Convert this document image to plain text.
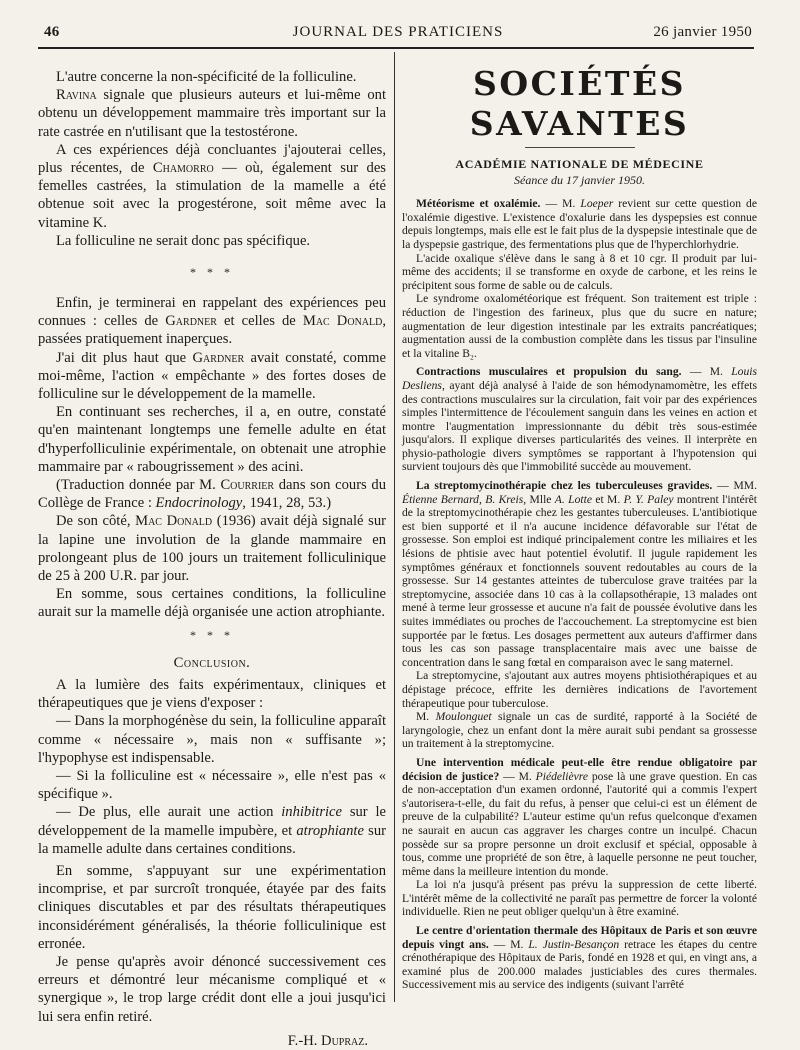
46	JOURNAL DES PRATICIENS	26 janvier 1950

L'autre concerne la non-spécificité de la folliculine.

Ravina signale que plusieurs auteurs et lui-même ont obtenu un développement mammaire très important sur la rate castrée en n'utilisant que la testostérone.

A ces expériences déjà concluantes j'ajouterai celles, plus récentes, de Chamorro — où, également sur des femelles castrées, la stimulation de la mamelle a été obtenue soit avec la progestérone, soit même avec la vitamine K.

La folliculine ne serait donc pas spécifique.

* * *

Enfin, je terminerai en rappelant des expériences peu connues : celles de Gardner et celles de Mac Donald, passées pratiquement inaperçues.

J'ai dit plus haut que Gardner avait constaté, comme moi-même, l'action « empêchante » des fortes doses de folliculine sur le développement de la mamelle.

En continuant ses recherches, il a, en outre, constaté qu'en maintenant longtemps une femelle adulte en état d'hyperfolliculinie expérimentale, on obtenait une atrophie mammaire par « rabougrissement » des acini.

(Traduction donnée par M. Courrier dans son cours du Collège de France : Endocrinology, 1941, 28, 53.)

De son côté, Mac Donald (1936) avait déjà signalé sur la lapine une involution de la glande mammaire en prolongeant plus de 100 jours un traitement folliculinique de 25 à 200 U.R. par jour.

En somme, sous certaines conditions, la folliculine aurait sur la mamelle déjà organisée une action atrophiante.

* * *
Conclusion.

A la lumière des faits expérimentaux, cliniques et thérapeutiques que je viens d'exposer :

— Dans la morphogénèse du sein, la folliculine apparaît comme « nécessaire », mais non « suffisante »; l'hypophyse est indispensable.

— Si la folliculine est « nécessaire », elle n'est pas « spécifique ».

— De plus, elle aurait une action inhibitrice sur le développement de la mamelle impubère, et atrophiante sur la mamelle adulte dans certaines conditions.

En somme, s'appuyant sur une expérimentation incomprise, et par surcroît tronquée, étayée par des faits cliniques discutables et par des résultats thérapeutiques inconsidérément généralisés, la théorie folliculinique est erronée.

Je pense qu'après avoir dénoncé successivement ces erreurs et démontré leur mécanisme compliqué et « synergique », le trop large crédit dont elle a joui jusqu'ici lui sera enfin retiré.

F.-H. Dupraz.
SOCIÉTÉS SAVANTES
ACADÉMIE NATIONALE DE MÉDECINE
Séance du 17 janvier 1950.

Météorisme et oxalémie. — M. Loeper revient sur cette question de l'oxalémie digestive. L'existence d'oxalurie dans les dyspepsies est connue depuis longtemps, mais elle est le fait plus de la dyspepsie intestinale que de la dyspepsie gastrique, des fermentations plus que de l'hyperchlorhydrie.

L'acide oxalique s'élève dans le sang à 8 et 10 cgr. Il produit par lui-même des accidents; il se transforme en oxyde de carbone, et les reins le précipitent sous forme de sable ou de calculs.

Le syndrome oxalométéorique est fréquent. Son traitement est triple : réduction de l'ingestion des farineux, plus que du sucre en nature; augmentation de leur digestion intestinale par les extraits pancréatiques; augmentation aussi de la combustion complète dans les tissus par l'insuline et la vitaline B₂.

Contractions musculaires et propulsion du sang. — M. Louis Desliens, ayant déjà analysé à l'aide de son hémodynamomètre, les effets des contractions musculaires sur la circulation, fait voir par des expériences simples l'intermittence de l'écoulement sanguin dans les veines en action et montre l'augmentation impressionnante du débit très sous-estimée jusqu'alors. Il explique diverses particularités des veines. Il interprète en physio-pathologie divers symptômes se rapportant à l'hypotension qui survient toujours dès que l'immobilité succède au mouvement.

La streptomycinothérapie chez les tuberculeuses gravides. — MM. Étienne Bernard, B. Kreis, Mlle A. Lotte et M. P. Y. Paley montrent l'intérêt de la streptomycinothérapie chez les gestantes tuberculeuses. L'antibiotique est bien supporté et il n'a aucune incidence défavorable sur l'état de grossesse. Son emploi est indiqué principalement contre les miliaires et les lésions de phtisie avec haut potentiel évolutif. Il jugule rapidement les symptômes généraux et fonctionnels souvent redoutables au cours de la grossesse. Sur 14 gestantes atteintes de tuberculose grave traitées par la streptomycine, associée dans 10 cas à la collapsothérapie, 13 malades ont mené à terme leur grossesse et aucune n'a fait de poussée évolutive dans les suites immédiates ou proches de l'accouchement. La streptomycine est bien supportée par le fœtus. Les dosages permettent aux auteurs d'affirmer dans tous les cas son passage transplacentaire mais avec une baisse de concentration dans le sang fœtal en comparaison avec le sang maternel.

La streptomycine, s'ajoutant aux autres moyens phtisiothérapiques et au dépistage précoce, effrite les dernières indications de l'avortement thérapeutique pour tuberculose.

M. Moulonguet signale un cas de surdité, rapporté à la Société de laryngologie, chez un enfant dont la mère aurait subi pendant sa grossesse un traitement à la streptomycine.

Une intervention médicale peut-elle être rendue obligatoire par décision de justice? — M. Piédelièvre pose là une grave question. En cas de non-acceptation d'un examen ordonné, l'autorité qui a commis l'expert s'autorisera-t-elle, du fait du refus, à penser que celui-ci est un élément de preuve de la culpabilité? L'auteur estime qu'un refus quelconque d'examen ne saurait en aucun cas aggraver les charges contre un inculpé. Chacun possède sur sa propre personne un droit exclusif et spécial, opposable à tous, comme une propriété de son être, à laquelle personne ne peut toucher, même dans la meilleure intention du monde.

La loi n'a jusqu'à présent pas prévu la suppression de cette liberté. L'intérêt même de la collectivité ne paraît pas permettre de forcer la volonté individuelle. Rien ne peut obliger quelqu'un à être examiné.

Le centre d'orientation thermale des Hôpitaux de Paris et son œuvre depuis vingt ans. — M. L. Justin-Besançon retrace les étapes du centre crénothérapique des Hôpitaux de Paris, fondé en 1928 et qui, en vingt ans, a examiné plus de 200.000 malades justiciables des cures thermales. Successivement mis au service des indigents (suivant l'arrêté
